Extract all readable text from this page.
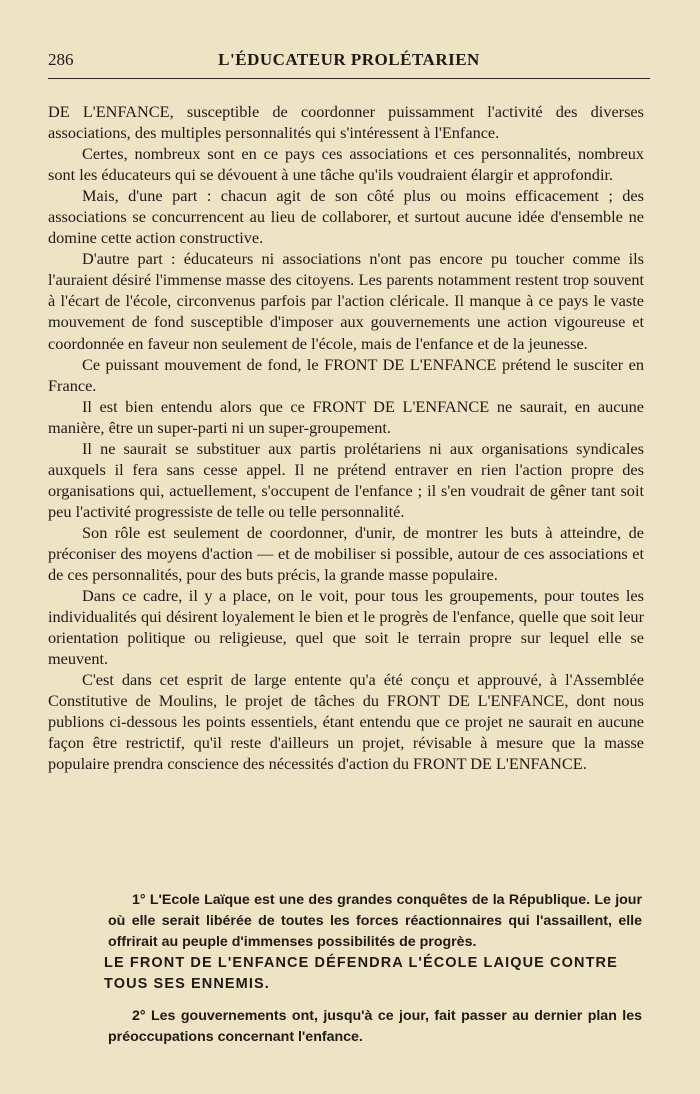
286	L'ÉDUCATEUR PROLÉTARIEN

DE L'ENFANCE, susceptible de coordonner puissamment l'activité des diverses associations, des multiples personnalités qui s'intéressent à l'Enfance.

Certes, nombreux sont en ce pays ces associations et ces personnalités, nombreux sont les éducateurs qui se dévouent à une tâche qu'ils voudraient élargir et approfondir.

Mais, d'une part : chacun agit de son côté plus ou moins efficacement ; des associations se concurrencent au lieu de collaborer, et surtout aucune idée d'ensemble ne domine cette action constructive.

D'autre part : éducateurs ni associations n'ont pas encore pu toucher comme ils l'auraient désiré l'immense masse des citoyens. Les parents notamment restent trop souvent à l'écart de l'école, circonvenus parfois par l'action cléricale. Il manque à ce pays le vaste mouvement de fond susceptible d'imposer aux gouvernements une action vigoureuse et coordonnée en faveur non seulement de l'école, mais de l'enfance et de la jeunesse.

Ce puissant mouvement de fond, le FRONT DE L'ENFANCE prétend le susciter en France.

Il est bien entendu alors que ce FRONT DE L'ENFANCE ne saurait, en aucune manière, être un super-parti ni un super-groupement.

Il ne saurait se substituer aux partis prolétariens ni aux organisations syndicales auxquels il fera sans cesse appel. Il ne prétend entraver en rien l'action propre des organisations qui, actuellement, s'occupent de l'enfance ; il s'en voudrait de gêner tant soit peu l'activité progressiste de telle ou telle personnalité.

Son rôle est seulement de coordonner, d'unir, de montrer les buts à atteindre, de préconiser des moyens d'action — et de mobiliser si possible, autour de ces associations et de ces personnalités, pour des buts précis, la grande masse populaire.

Dans ce cadre, il y a place, on le voit, pour tous les groupements, pour toutes les individualités qui désirent loyalement le bien et le progrès de l'enfance, quelle que soit leur orientation politique ou religieuse, quel que soit le terrain propre sur lequel elle se meuvent.

C'est dans cet esprit de large entente qu'a été conçu et approuvé, à l'Assemblée Constitutive de Moulins, le projet de tâches du FRONT DE L'ENFANCE, dont nous publions ci-dessous les points essentiels, étant entendu que ce projet ne saurait en aucune façon être restrictif, qu'il reste d'ailleurs un projet, révisable à mesure que la masse populaire prendra conscience des nécessités d'action du FRONT DE L'ENFANCE.

1° L'Ecole Laïque est une des grandes conquêtes de la République. Le jour où elle serait libérée de toutes les forces réactionnaires qui l'assaillent, elle offrirait au peuple d'immenses possibilités de progrès.

LE FRONT DE L'ENFANCE DÉFENDRA L'ÉCOLE LAIQUE CONTRE TOUS SES ENNEMIS.

2° Les gouvernements ont, jusqu'à ce jour, fait passer au dernier plan les préoccupations concernant l'enfance.
